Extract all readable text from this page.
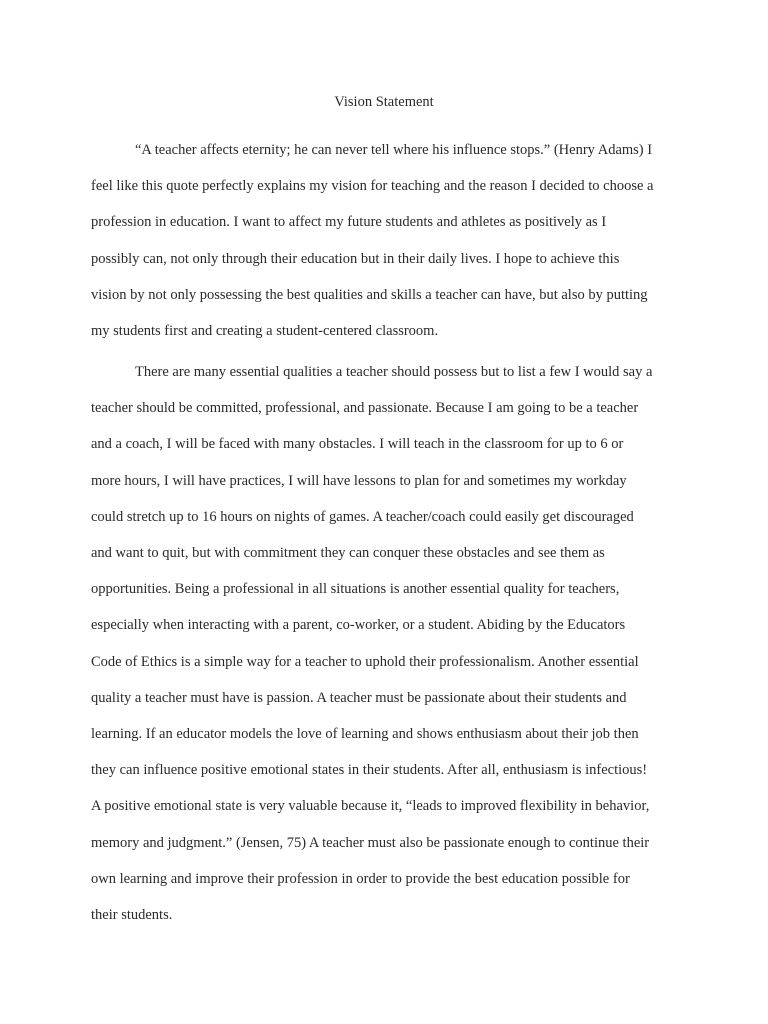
Vision Statement

“A teacher affects eternity; he can never tell where his influence stops.” (Henry Adams) I
feel like this quote perfectly explains my vision for teaching and the reason I decided to choose a
profession in education. I want to affect my future students and athletes as positively as I
possibly can, not only through their education but in their daily lives. I hope to achieve this
vision by not only possessing the best qualities and skills a teacher can have, but also by putting
my students first and creating a student-centered classroom.

There are many essential qualities a teacher should possess but to list a few I would say a
teacher should be committed, professional, and passionate. Because I am going to be a teacher
and a coach, I will be faced with many obstacles. I will teach in the classroom for up to 6 or
more hours, I will have practices, I will have lessons to plan for and sometimes my workday
could stretch up to 16 hours on nights of games. A teacher/coach could easily get discouraged
and want to quit, but with commitment they can conquer these obstacles and see them as
opportunities. Being a professional in all situations is another essential quality for teachers,
especially when interacting with a parent, co-worker, or a student. Abiding by the Educators
Code of Ethics is a simple way for a teacher to uphold their professionalism. Another essential
quality a teacher must have is passion. A teacher must be passionate about their students and
learning. If an educator models the love of learning and shows enthusiasm about their job then
they can influence positive emotional states in their students. After all, enthusiasm is infectious!
A positive emotional state is very valuable because it, “leads to improved flexibility in behavior,
memory and judgment.” (Jensen, 75) A teacher must also be passionate enough to continue their
own learning and improve their profession in order to provide the best education possible for
their students.
